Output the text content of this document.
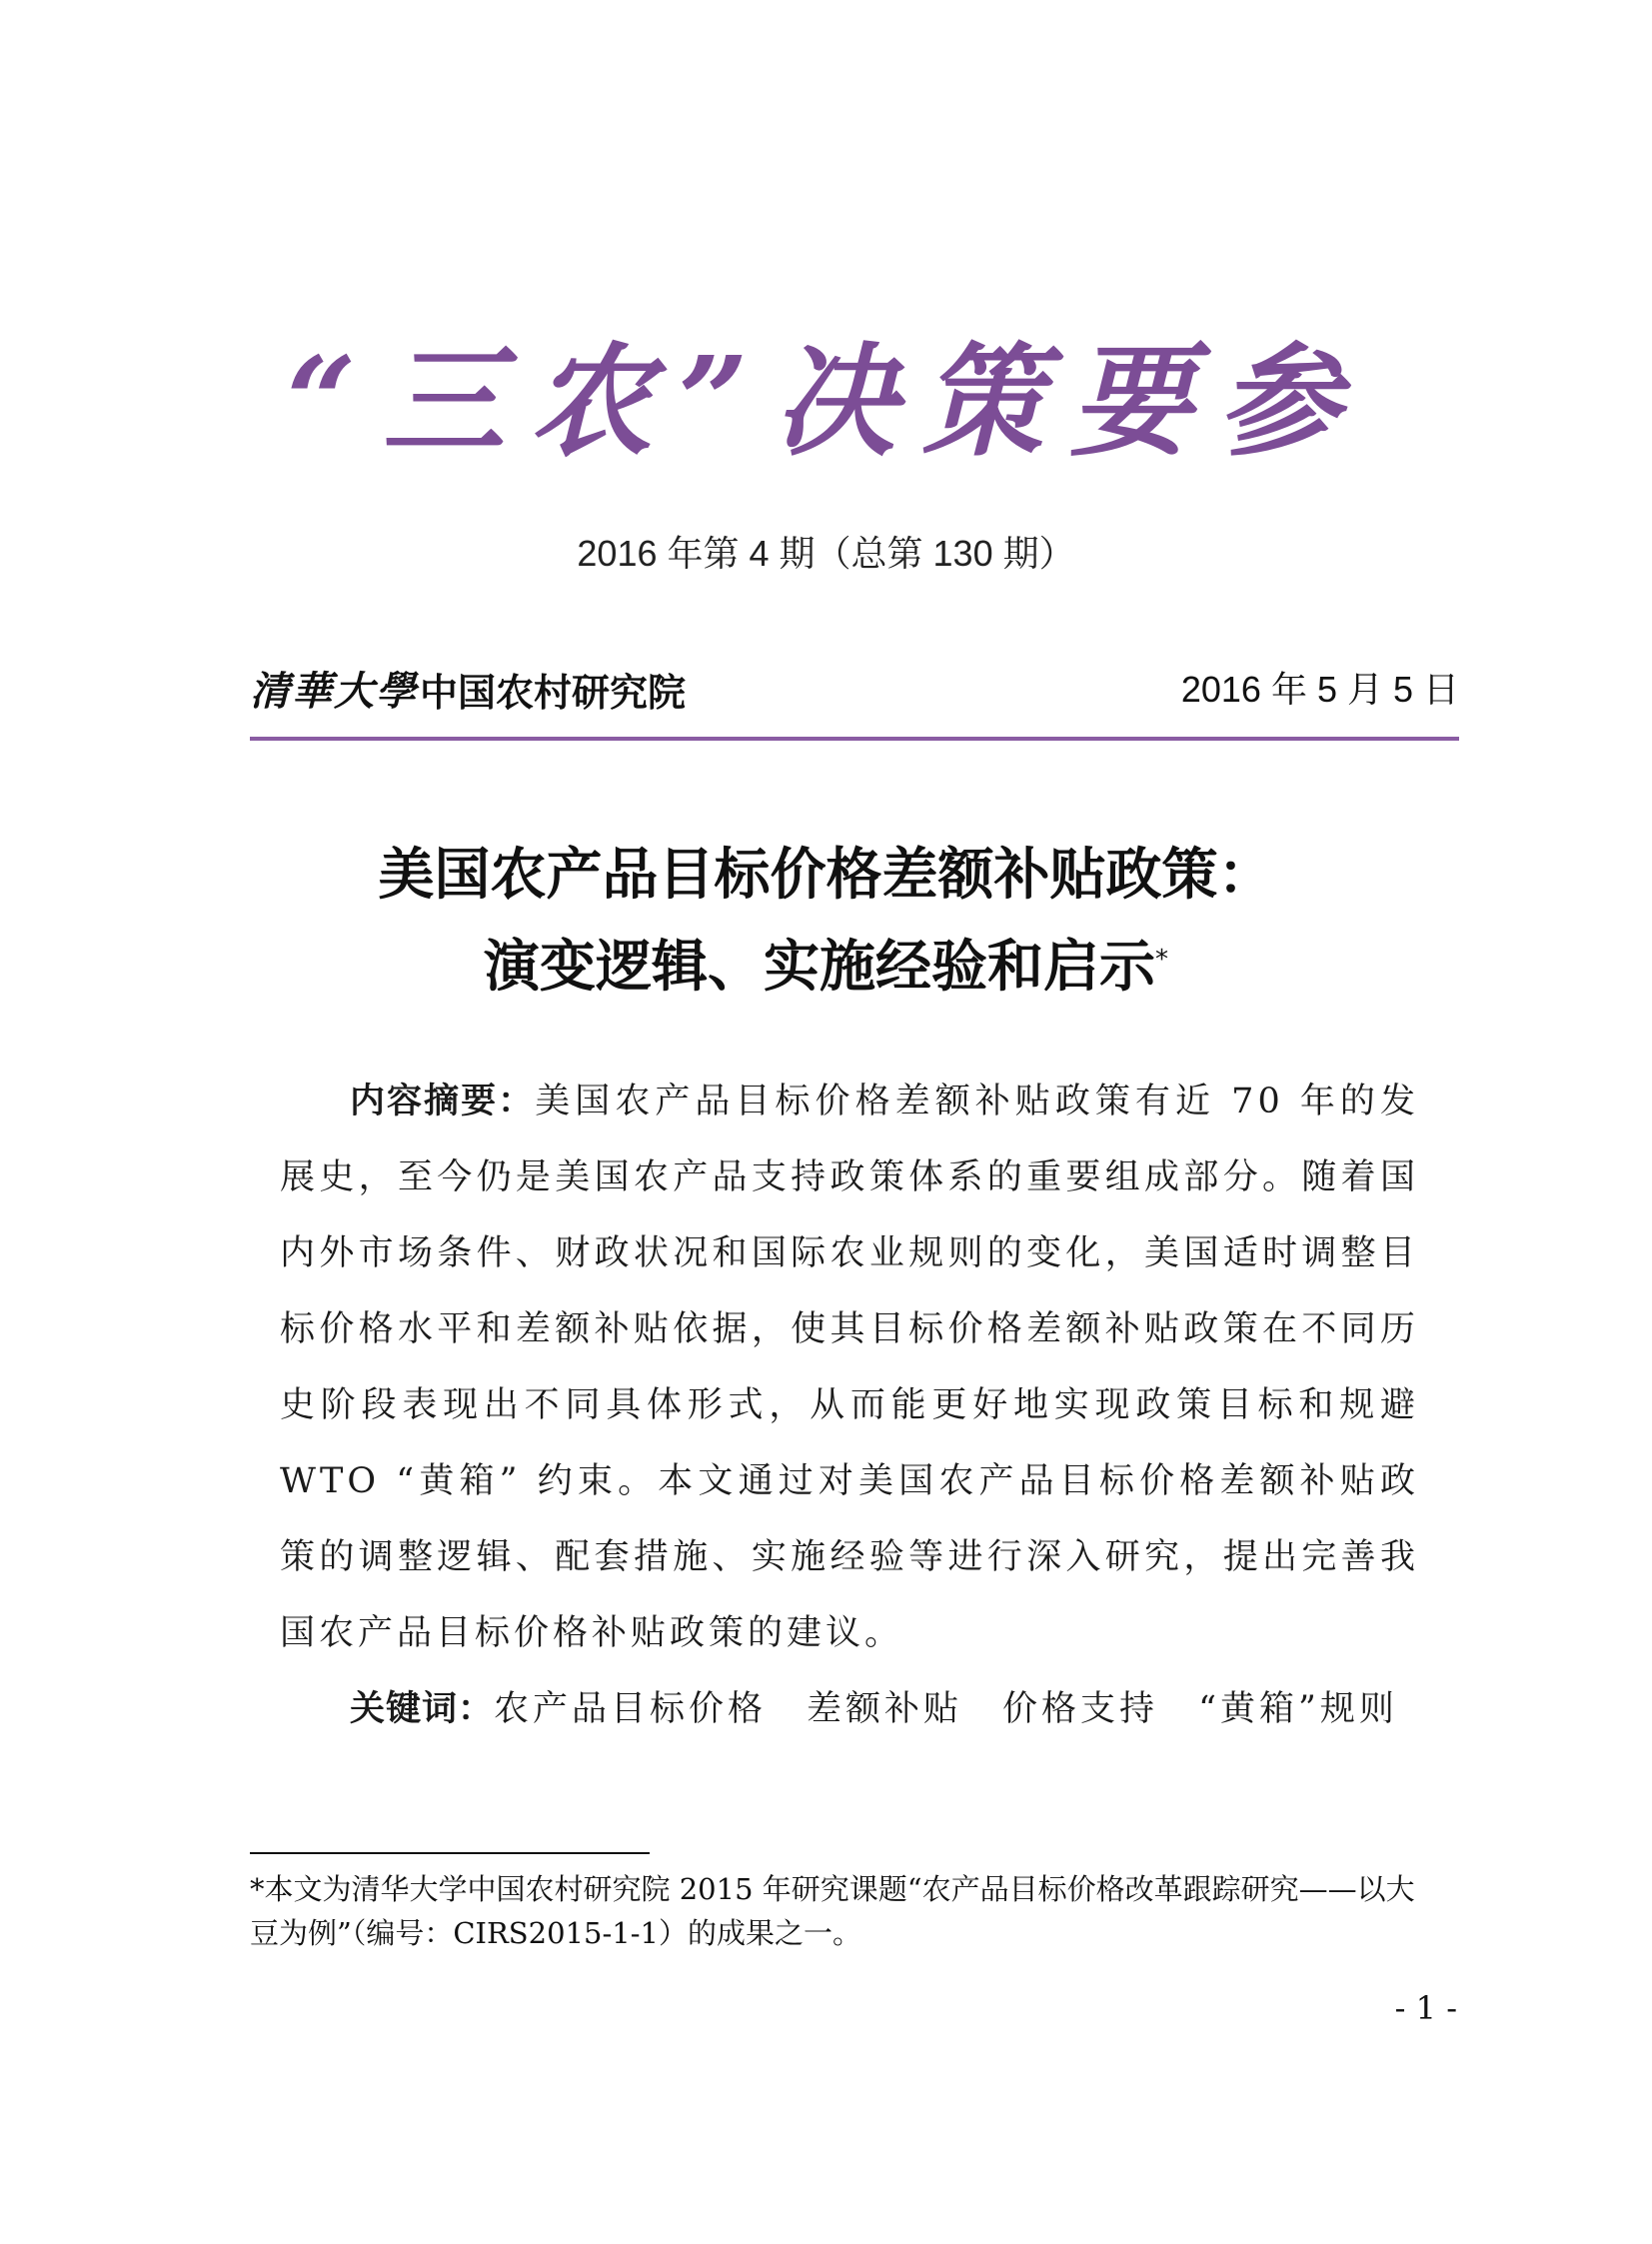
“三农”决策要参
2016 年第 4 期（总第 130 期）
清華大學 中国农村研究院	2016 年 5 月 5 日
美国农产品目标价格差额补贴政策：
演变逻辑、实施经验和启示*

内容摘要：美国农产品目标价格差额补贴政策有近 70 年的发展史，至今仍是美国农产品支持政策体系的重要组成部分。随着国内外市场条件、财政状况和国际农业规则的变化，美国适时调整目标价格水平和差额补贴依据，使其目标价格差额补贴政策在不同历史阶段表现出不同具体形式，从而能更好地实现政策目标和规避 WTO “黄箱” 约束。本文通过对美国农产品目标价格差额补贴政策的调整逻辑、配套措施、实施经验等进行深入研究，提出完善我国农产品目标价格补贴政策的建议。

关键词：农产品目标价格 差额补贴 价格支持 “黄箱”规则

*本文为清华大学中国农村研究院 2015 年研究课题“农产品目标价格改革跟踪研究——以大豆为例”（编号：CIRS2015-1-1）的成果之一。
- 1 -
